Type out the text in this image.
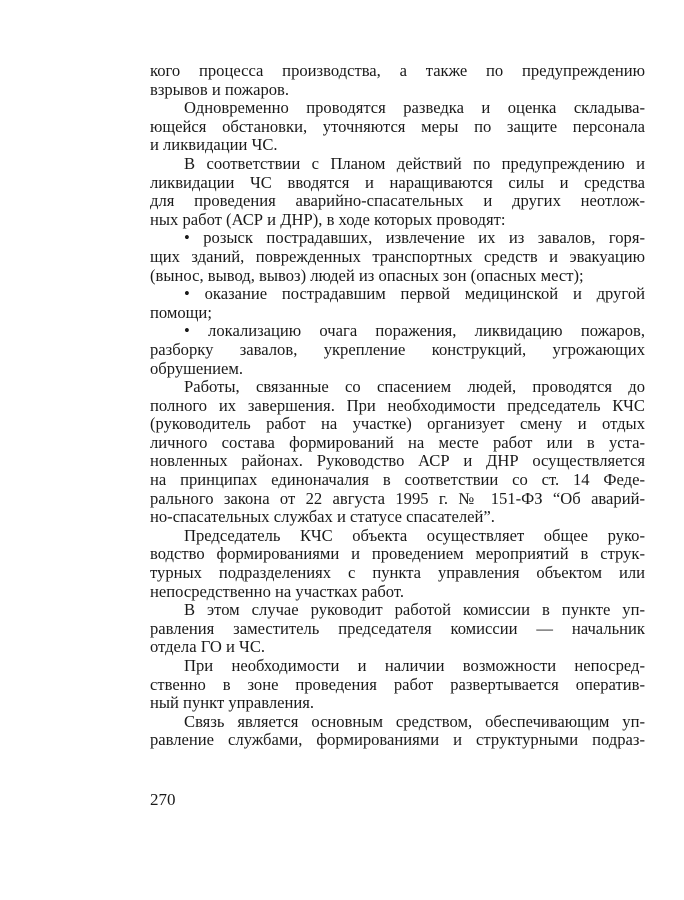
кого процесса производства, а также по предупреждению
взрывов и пожаров.
Одновременно проводятся разведка и оценка складыва-
ющейся обстановки, уточняются меры по защите персонала
и ликвидации ЧС.
В соответствии с Планом действий по предупреждению и
ликвидации ЧС вводятся и наращиваются силы и средства
для проведения аварийно-спасательных и других неотлож-
ных работ (АСР и ДНР), в ходе которых проводят:
• розыск пострадавших, извлечение их из завалов, горя-
щих зданий, поврежденных транспортных средств и эвакуацию
(вынос, вывод, вывоз) людей из опасных зон (опасных мест);
• оказание пострадавшим первой медицинской и другой
помощи;
• локализацию очага поражения, ликвидацию пожаров,
разборку завалов, укрепление конструкций, угрожающих
обрушением.
Работы, связанные со спасением людей, проводятся до
полного их завершения. При необходимости председатель КЧС
(руководитель работ на участке) организует смену и отдых
личного состава формирований на месте работ или в уста-
новленных районах. Руководство АСР и ДНР осуществляется
на принципах единоначалия в соответствии со ст. 14 Феде-
рального закона от 22 августа 1995 г. № 151-ФЗ “Об аварий-
но-спасательных службах и статусе спасателей”.
Председатель КЧС объекта осуществляет общее руко-
водство формированиями и проведением мероприятий в струк-
турных подразделениях с пункта управления объектом или
непосредственно на участках работ.
В этом случае руководит работой комиссии в пункте уп-
равления заместитель председателя комиссии — начальник
отдела ГО и ЧС.
При необходимости и наличии возможности непосред-
ственно в зоне проведения работ развертывается оператив-
ный пункт управления.
Связь является основным средством, обеспечивающим уп-
равление службами, формированиями и структурными подраз-
270
